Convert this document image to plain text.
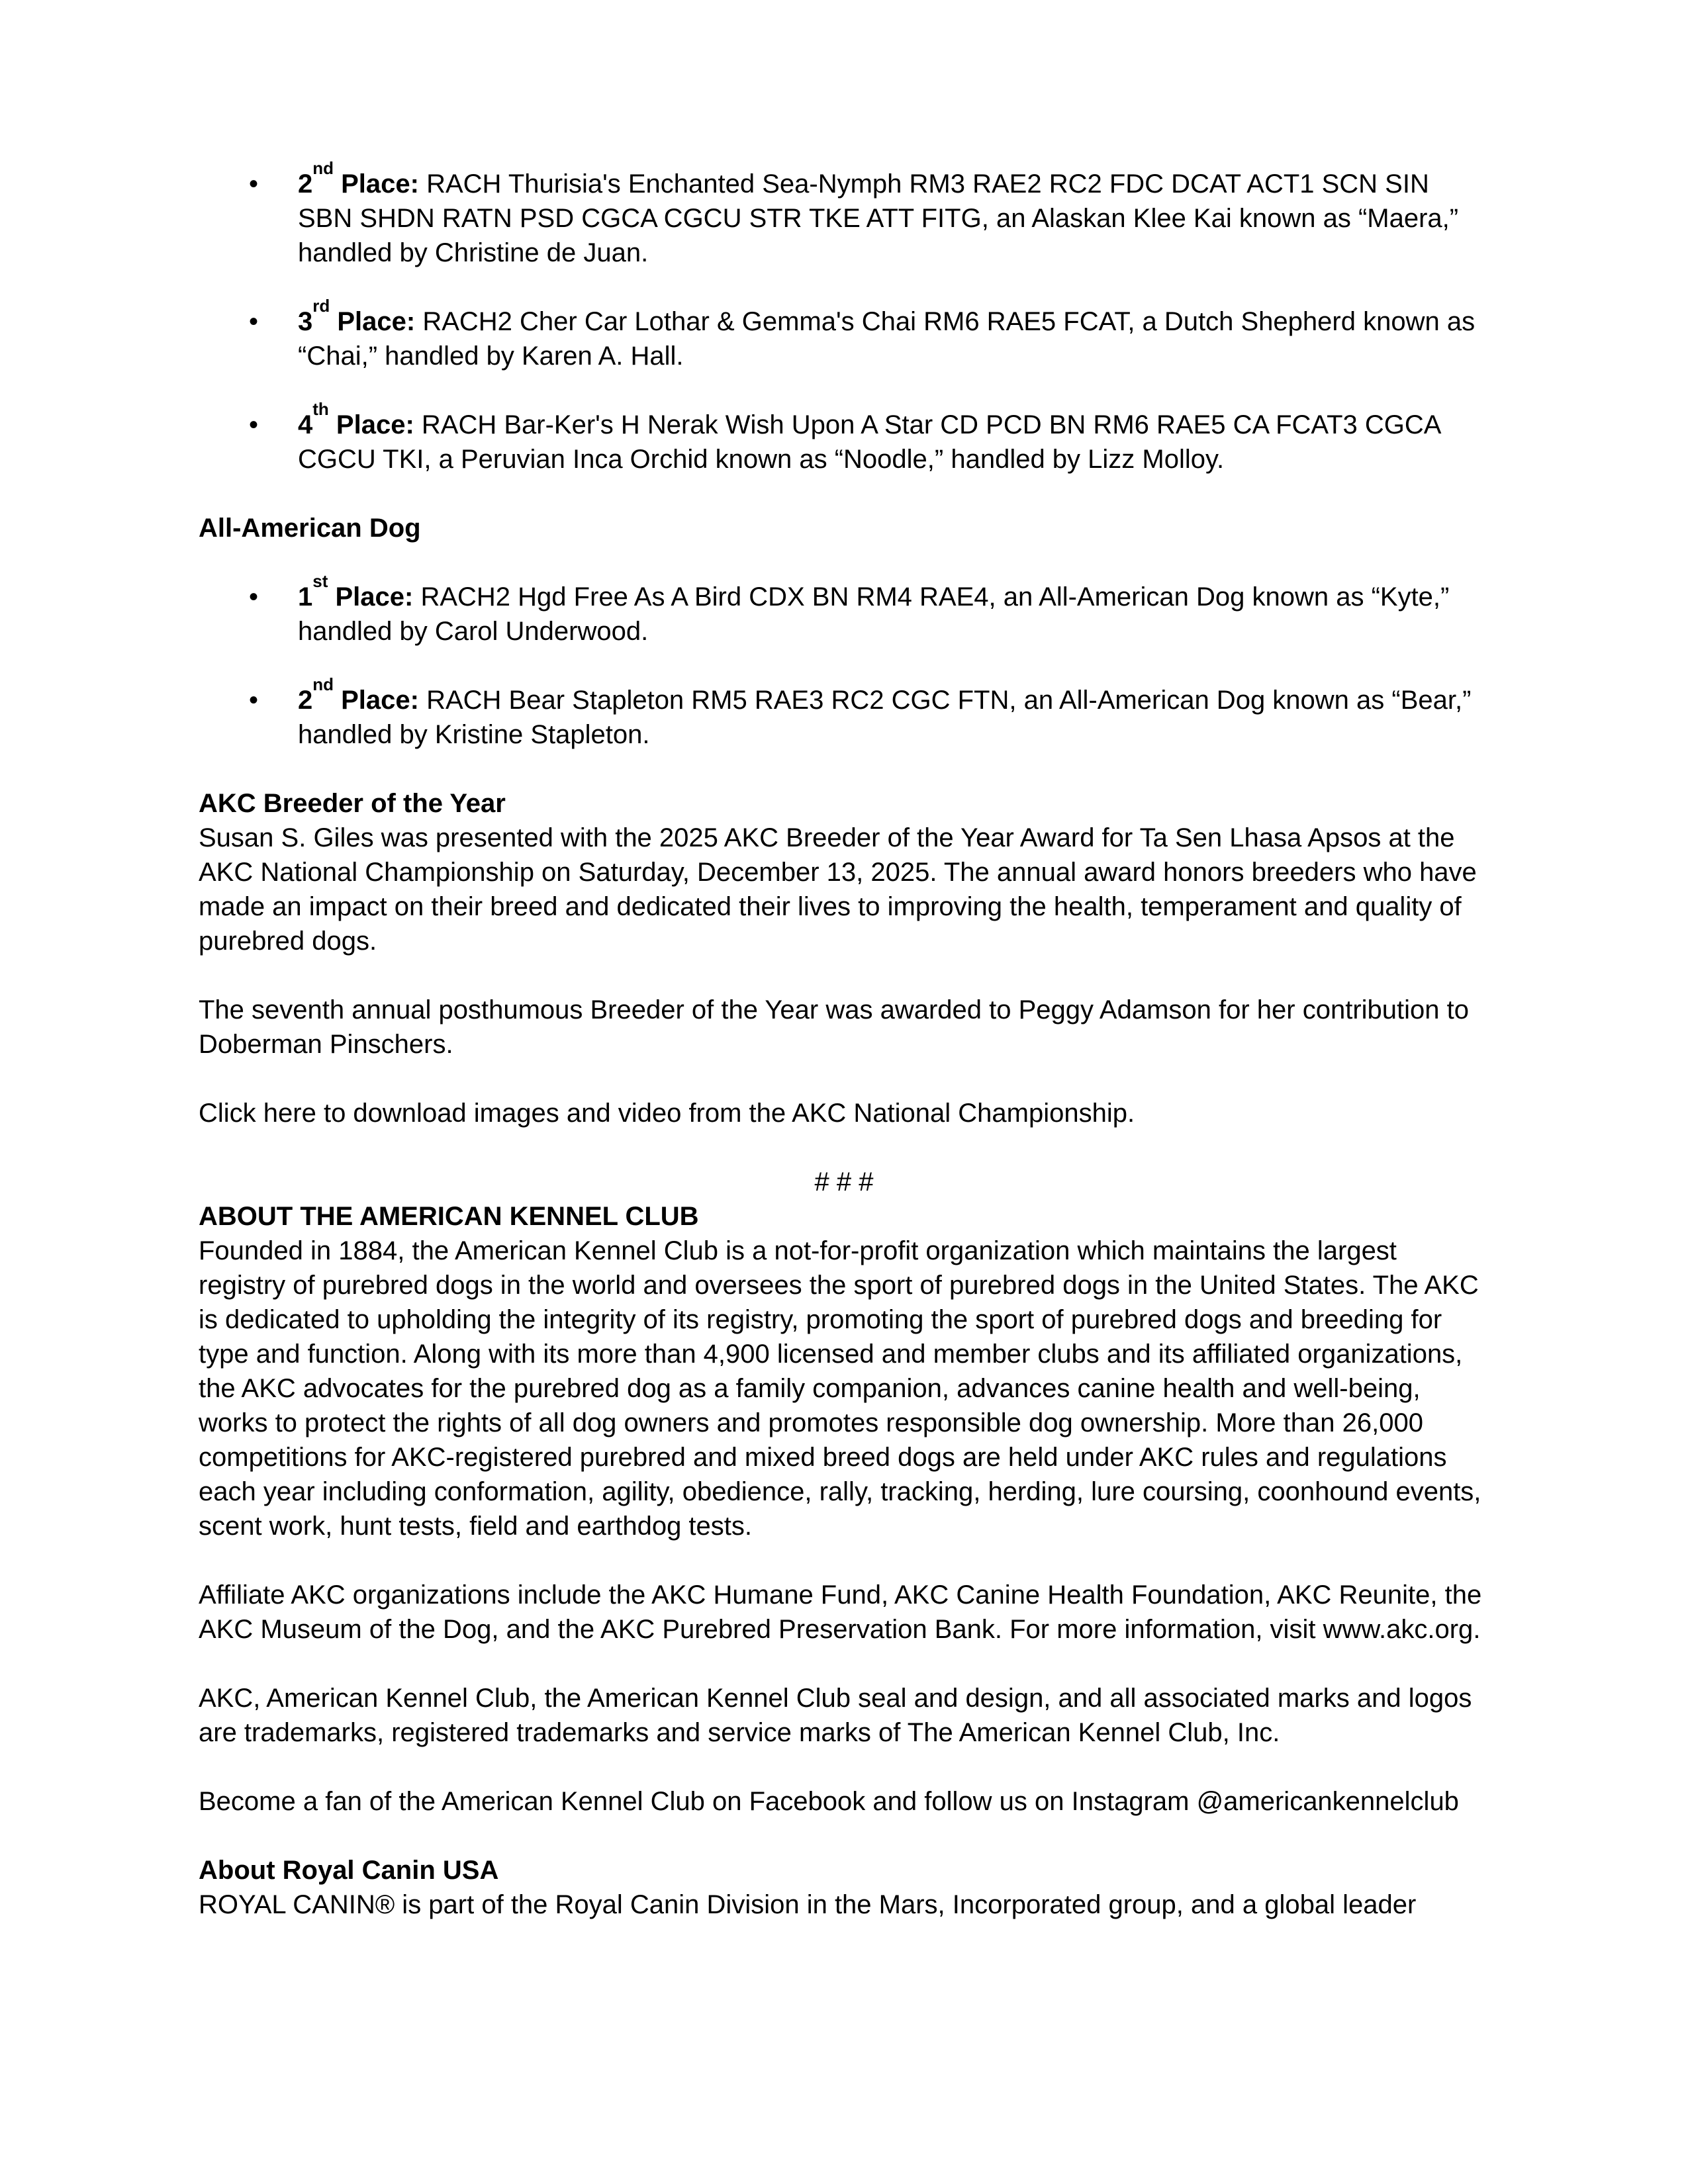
• 2nd Place: RACH Thurisia's Enchanted Sea-Nymph RM3 RAE2 RC2 FDC DCAT ACT1 SCN SIN SBN SHDN RATN PSD CGCA CGCU STR TKE ATT FITG, an Alaskan Klee Kai known as “Maera,” handled by Christine de Juan.
• 3rd Place: RACH2 Cher Car Lothar & Gemma's Chai RM6 RAE5 FCAT, a Dutch Shepherd known as “Chai,” handled by Karen A. Hall.
• 4th Place: RACH Bar-Ker's H Nerak Wish Upon A Star CD PCD BN RM6 RAE5 CA FCAT3 CGCA CGCU TKI, a Peruvian Inca Orchid known as “Noodle,” handled by Lizz Molloy.
All-American Dog
• 1st Place: RACH2 Hgd Free As A Bird CDX BN RM4 RAE4, an All-American Dog known as “Kyte,” handled by Carol Underwood.
• 2nd Place: RACH Bear Stapleton RM5 RAE3 RC2 CGC FTN, an All-American Dog known as “Bear,” handled by Kristine Stapleton.
AKC Breeder of the Year

Susan S. Giles was presented with the 2025 AKC Breeder of the Year Award for Ta Sen Lhasa Apsos at the AKC National Championship on Saturday, December 13, 2025. The annual award honors breeders who have made an impact on their breed and dedicated their lives to improving the health, temperament and quality of purebred dogs.

The seventh annual posthumous Breeder of the Year was awarded to Peggy Adamson for her contribution to Doberman Pinschers.

Click here to download images and video from the AKC National Championship.

# # #

ABOUT THE AMERICAN KENNEL CLUB

Founded in 1884, the American Kennel Club is a not-for-profit organization which maintains the largest registry of purebred dogs in the world and oversees the sport of purebred dogs in the United States. The AKC is dedicated to upholding the integrity of its registry, promoting the sport of purebred dogs and breeding for type and function. Along with its more than 4,900 licensed and member clubs and its affiliated organizations, the AKC advocates for the purebred dog as a family companion, advances canine health and well-being, works to protect the rights of all dog owners and promotes responsible dog ownership. More than 26,000 competitions for AKC-registered purebred and mixed breed dogs are held under AKC rules and regulations each year including conformation, agility, obedience, rally, tracking, herding, lure coursing, coonhound events, scent work, hunt tests, field and earthdog tests.

Affiliate AKC organizations include the AKC Humane Fund, AKC Canine Health Foundation, AKC Reunite, the AKC Museum of the Dog, and the AKC Purebred Preservation Bank. For more information, visit www.akc.org.

AKC, American Kennel Club, the American Kennel Club seal and design, and all associated marks and logos are trademarks, registered trademarks and service marks of The American Kennel Club, Inc.

Become a fan of the American Kennel Club on Facebook and follow us on Instagram @americankennelclub

About Royal Canin USA

ROYAL CANIN® is part of the Royal Canin Division in the Mars, Incorporated group, and a global leader
